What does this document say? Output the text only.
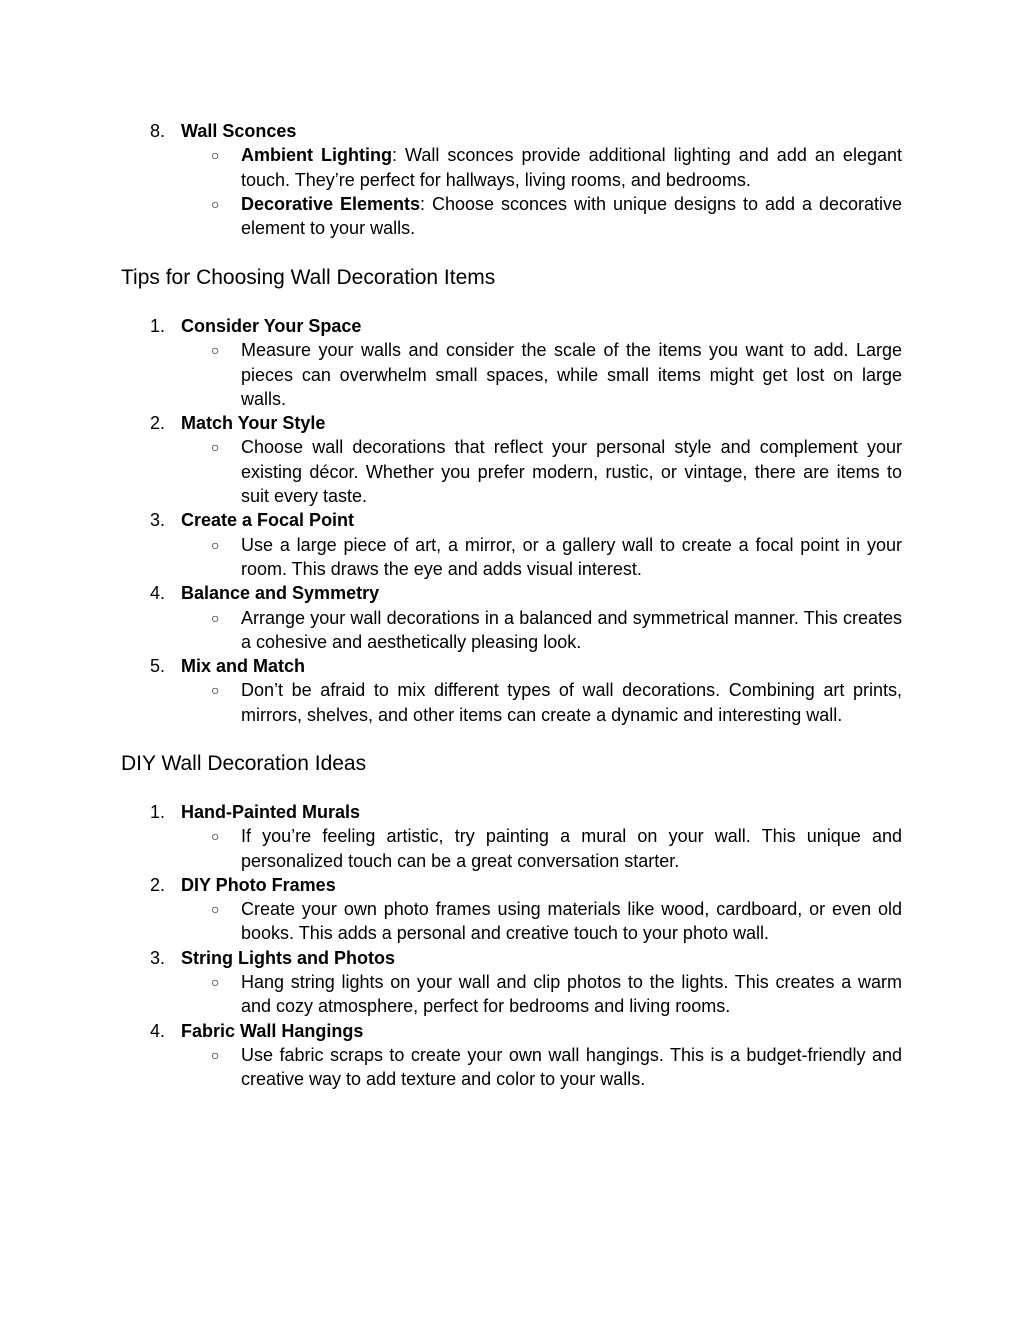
8. Wall Sconces
○	Ambient Lighting: Wall sconces provide additional lighting and add an elegant touch. They’re perfect for hallways, living rooms, and bedrooms.
○	Decorative Elements: Choose sconces with unique designs to add a decorative element to your walls.
Tips for Choosing Wall Decoration Items
1. Consider Your Space
○	Measure your walls and consider the scale of the items you want to add. Large pieces can overwhelm small spaces, while small items might get lost on large walls.
2. Match Your Style
○	Choose wall decorations that reflect your personal style and complement your existing décor. Whether you prefer modern, rustic, or vintage, there are items to suit every taste.
3. Create a Focal Point
○	Use a large piece of art, a mirror, or a gallery wall to create a focal point in your room. This draws the eye and adds visual interest.
4. Balance and Symmetry
○	Arrange your wall decorations in a balanced and symmetrical manner. This creates a cohesive and aesthetically pleasing look.
5. Mix and Match
○	Don’t be afraid to mix different types of wall decorations. Combining art prints, mirrors, shelves, and other items can create a dynamic and interesting wall.
DIY Wall Decoration Ideas
1. Hand-Painted Murals
○	If you’re feeling artistic, try painting a mural on your wall. This unique and personalized touch can be a great conversation starter.
2. DIY Photo Frames
○	Create your own photo frames using materials like wood, cardboard, or even old books. This adds a personal and creative touch to your photo wall.
3. String Lights and Photos
○	Hang string lights on your wall and clip photos to the lights. This creates a warm and cozy atmosphere, perfect for bedrooms and living rooms.
4. Fabric Wall Hangings
○	Use fabric scraps to create your own wall hangings. This is a budget-friendly and creative way to add texture and color to your walls.
